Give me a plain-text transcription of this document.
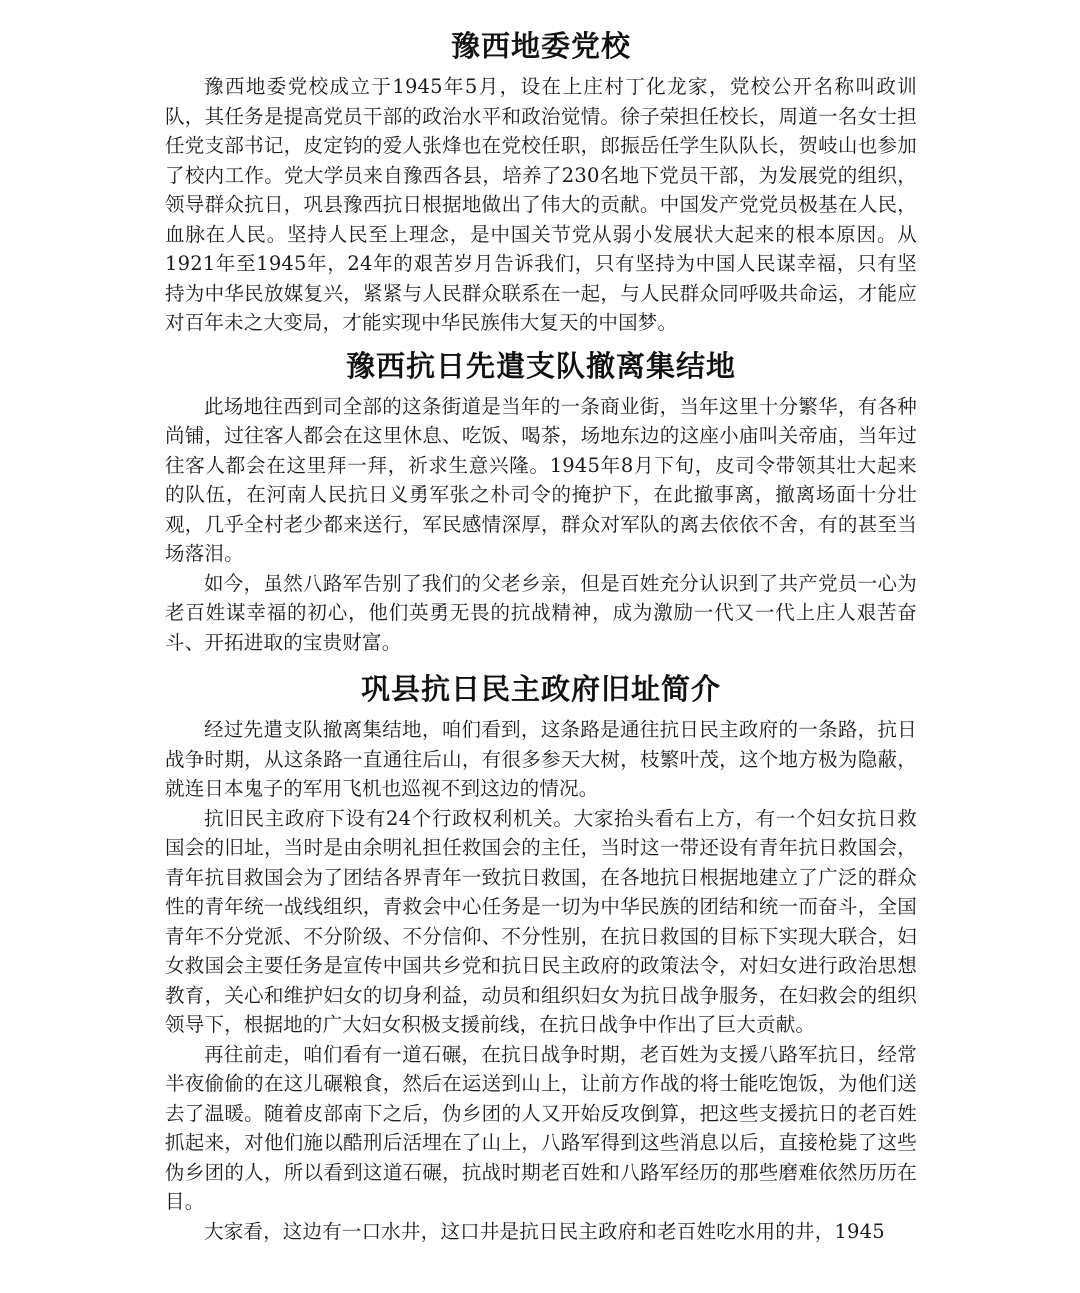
豫西地委党校

豫西地委党校成立于1945年5月，设在上庄村丁化龙家，党校公开名称叫政训队，其任务是提高党员干部的政治水平和政治觉情。徐子荣担任校长，周道一名女士担任党支部书记，皮定钧的爱人张烽也在党校任职，郎振岳任学生队队长，贺岐山也参加了校内工作。党大学员来自豫西各县，培养了230名地下党员干部，为发展党的组织，领导群众抗日，巩县豫西抗日根据地做出了伟大的贡献。中国发产党党员极基在人民，血脉在人民。坚持人民至上理念，是中国关节党从弱小发展状大起来的根本原因。从1921年至1945年，24年的艰苦岁月告诉我们，只有坚持为中国人民谋幸福，只有坚持为中华民放媒复兴，紧紧与人民群众联系在一起，与人民群众同呼吸共命运，才能应对百年未之大变局，才能实现中华民族伟大复天的中国梦。

豫西抗日先遣支队撤离集结地

此场地往西到司全部的这条街道是当年的一条商业街，当年这里十分繁华，有各种尚铺，过往客人都会在这里休息、吃饭、喝茶，场地东边的这座小庙叫关帝庙，当年过往客人都会在这里拜一拜，祈求生意兴隆。1945年8月下旬，皮司令带领其壮大起来的队伍，在河南人民抗日义勇军张之朴司令的掩护下，在此撤事离，撤离场面十分壮观，几乎全村老少都来送行，军民感情深厚，群众对军队的离去依依不舍，有的甚至当场落泪。

如今，虽然八路军告别了我们的父老乡亲，但是百姓充分认识到了共产党员一心为老百姓谋幸福的初心，他们英勇无畏的抗战精神，成为激励一代又一代上庄人艰苦奋斗、开拓进取的宝贵财富。

巩县抗日民主政府旧址简介

经过先遣支队撤离集结地，咱们看到，这条路是通往抗日民主政府的一条路，抗日战争时期，从这条路一直通往后山，有很多参天大树，枝繁叶茂，这个地方极为隐蔽，就连日本鬼子的军用飞机也巡视不到这边的情况。

抗旧民主政府下设有24个行政权利机关。大家抬头看右上方，有一个妇女抗日救国会的旧址，当时是由余明礼担任救国会的主任，当时这一带还设有青年抗日救国会，青年抗目救国会为了团结各界青年一致抗日救国，在各地抗日根据地建立了广泛的群众性的青年统一战线组织，青救会中心任务是一切为中华民族的团结和统一而奋斗，全国青年不分党派、不分阶级、不分信仰、不分性别，在抗日救国的目标下实现大联合，妇女救国会主要任务是宣传中国共乡党和抗日民主政府的政策法令，对妇女进行政治思想教育，关心和维护妇女的切身利益，动员和组织妇女为抗日战争服务，在妇救会的组织领导下，根据地的广大妇女积极支援前线，在抗日战争中作出了巨大贡献。

再往前走，咱们看有一道石碾，在抗日战争时期，老百姓为支援八路军抗日，经常半夜偷偷的在这儿碾粮食，然后在运送到山上，让前方作战的将士能吃饱饭，为他们送去了温暖。随着皮部南下之后，伪乡团的人又开始反攻倒算，把这些支援抗日的老百姓抓起来，对他们施以酷刑后活埋在了山上，八路军得到这些消息以后，直接枪毙了这些伪乡团的人，所以看到这道石碾，抗战时期老百姓和八路军经历的那些磨难依然历历在目。

大家看，这边有一口水井，这口井是抗日民主政府和老百姓吃水用的井，1945
